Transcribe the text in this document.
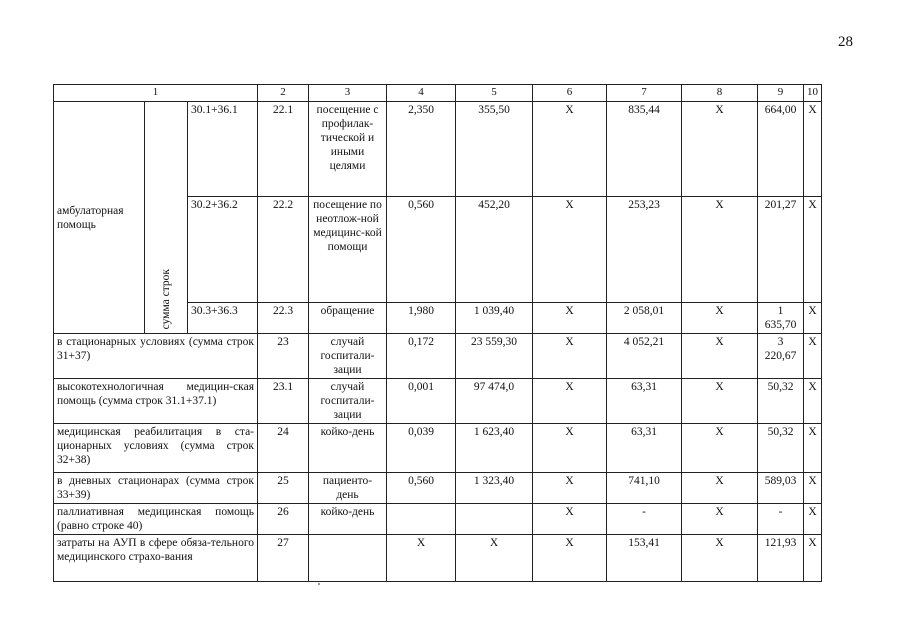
28
1			2	3	4	5	6	7	8	9	10
амбулаторная помощь	сумма строк	30.1+36.1	22.1	посещение с профилак-тической и иными целями	2,350	355,50	X	835,44	X	664,00	X
		30.2+36.2	22.2	посещение по неотлож-ной медицинс-кой помощи	0,560	452,20	X	253,23	X	201,27	X
		30.3+36.3	22.3	обращение	1,980	1 039,40	X	2 058,01	X	1 635,70	X
в стационарных условиях (сумма строк 31+37)			23	случай госпитали-зации	0,172	23 559,30	X	4 052,21	X	3 220,67	X
высокотехнологичная медицин-ская помощь (сумма строк 31.1+37.1)			23.1	случай госпитали-зации	0,001	97 474,0	X	63,31	X	50,32	X
медицинская реабилитация в ста-ционарных условиях (сумма строк 32+38)			24	койко-день	0,039	1 623,40	X	63,31	X	50,32	X
в дневных стационарах (сумма строк 33+39)			25	пациенто-день	0,560	1 323,40	X	741,10	X	589,03	X
паллиативная медицинская помощь (равно строке 40)			26	койко-день			X	-	X	-	X
затраты на АУП в сфере обяза-тельного медицинского страхо-вания			27		X	X	X	153,41	X	121,93	X
